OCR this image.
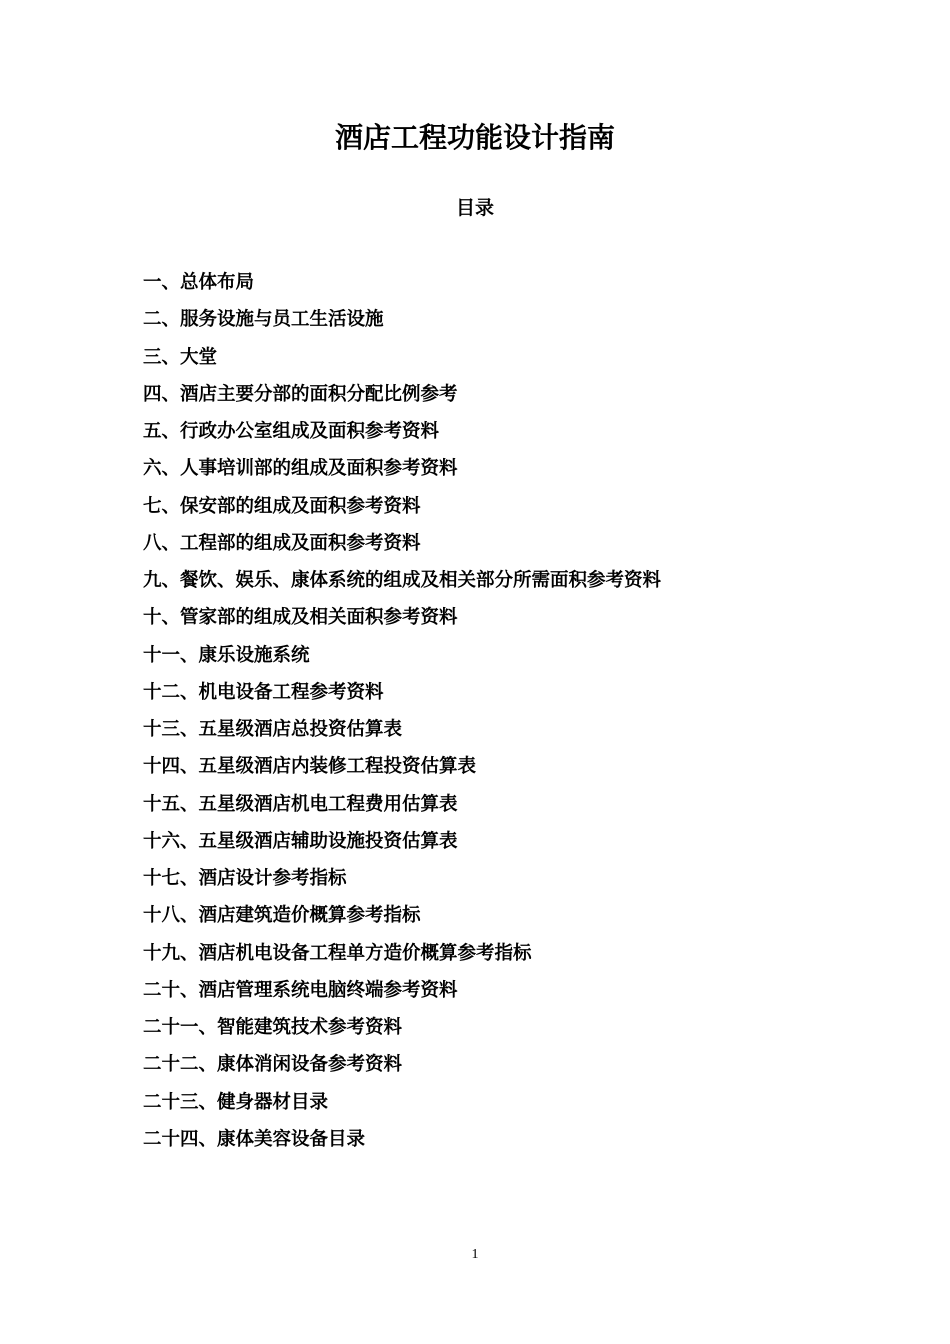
酒店工程功能设计指南
目录
一、总体布局
二、服务设施与员工生活设施
三、大堂
四、酒店主要分部的面积分配比例参考
五、行政办公室组成及面积参考资料
六、人事培训部的组成及面积参考资料
七、保安部的组成及面积参考资料
八、工程部的组成及面积参考资料
九、餐饮、娱乐、康体系统的组成及相关部分所需面积参考资料
十、管家部的组成及相关面积参考资料
十一、康乐设施系统
十二、机电设备工程参考资料
十三、五星级酒店总投资估算表
十四、五星级酒店内装修工程投资估算表
十五、五星级酒店机电工程费用估算表
十六、五星级酒店辅助设施投资估算表
十七、酒店设计参考指标
十八、酒店建筑造价概算参考指标
十九、酒店机电设备工程单方造价概算参考指标
二十、酒店管理系统电脑终端参考资料
二十一、智能建筑技术参考资料
二十二、康体消闲设备参考资料
二十三、健身器材目录
二十四、康体美容设备目录
1
